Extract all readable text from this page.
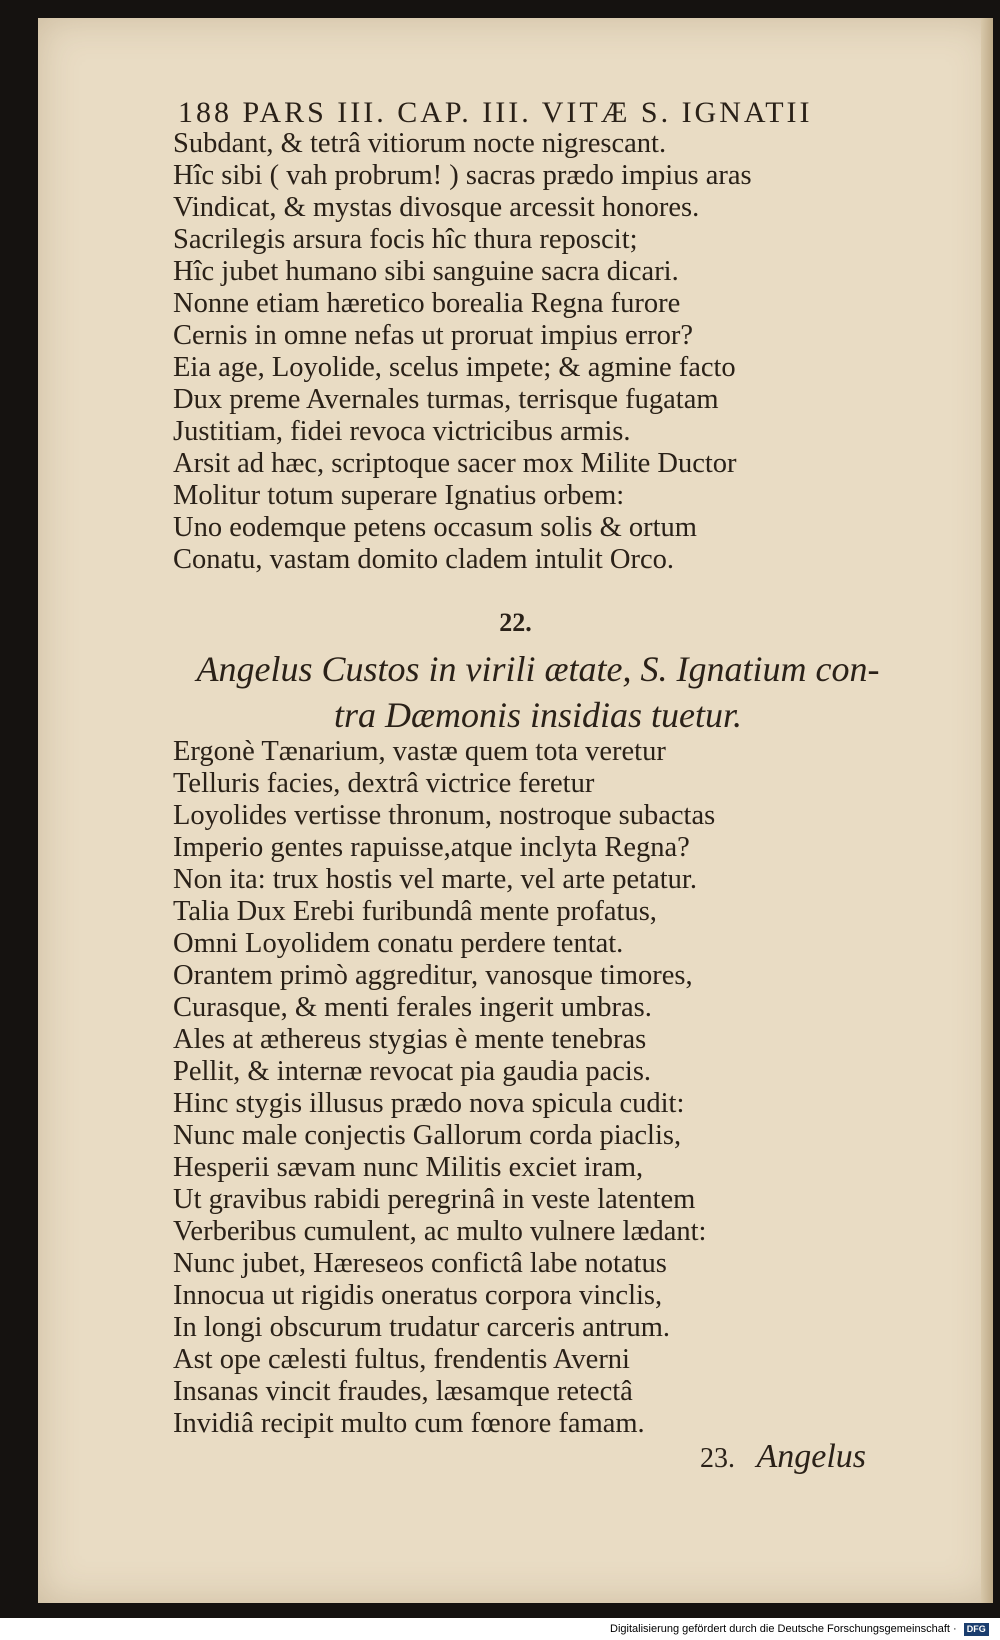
188 PARS III. CAP. III. VITÆ S. IGNATII
Subdant, & tetrâ vitiorum nocte nigrescant.
Hîc sibi ( vah probrum! ) sacras prædo impius aras
Vindicat, & mystas divosque arcessit honores.
Sacrilegis arsura focis hîc thura reposcit;
Hîc jubet humano sibi sanguine sacra dicari.
Nonne etiam hæretico borealia Regna furore
Cernis in omne nefas ut proruat impius error?
Eia age, Loyolide, scelus impete; & agmine facto
Dux preme Avernales turmas, terrisque fugatam
Justitiam, fidei revoca victricibus armis.
Arsit ad hæc, scriptoque sacer mox Milite Ductor
Molitur totum superare Ignatius orbem:
Uno eodemque petens occasum solis & ortum
Conatu, vastam domito cladem intulit Orco.
22.
Angelus Custos in virili ætate, S. Ignatium con-
tra Dæmonis insidias tuetur.
Ergonè Tænarium, vastæ quem tota veretur
Telluris facies, dextrâ victrice feretur
Loyolides vertisse thronum, nostroque subactas
Imperio gentes rapuisse,atque inclyta Regna?
Non ita: trux hostis vel marte, vel arte petatur.
Talia Dux Erebi furibundâ mente profatus,
Omni Loyolidem conatu perdere tentat.
Orantem primò aggreditur, vanosque timores,
Curasque, & menti ferales ingerit umbras.
Ales at æthereus stygias è mente tenebras
Pellit, & internæ revocat pia gaudia pacis.
Hinc stygis illusus prædo nova spicula cudit:
Nunc male conjectis Gallorum corda piaclis,
Hesperii sævam nunc Militis exciet iram,
Ut gravibus rabidi peregrinâ in veste latentem
Verberibus cumulent, ac multo vulnere lædant:
Nunc jubet, Hæreseos confictâ labe notatus
Innocua ut rigidis oneratus corpora vinclis,
In longi obscurum trudatur carceris antrum.
Ast ope cælesti fultus, frendentis Averni
Insanas vincit fraudes, læsamque retectâ
Invidiâ recipit multo cum fœnore famam.
23. Angelus
Digitalisierung gefördert durch die Deutsche Forschungsgemeinschaft · DFG
